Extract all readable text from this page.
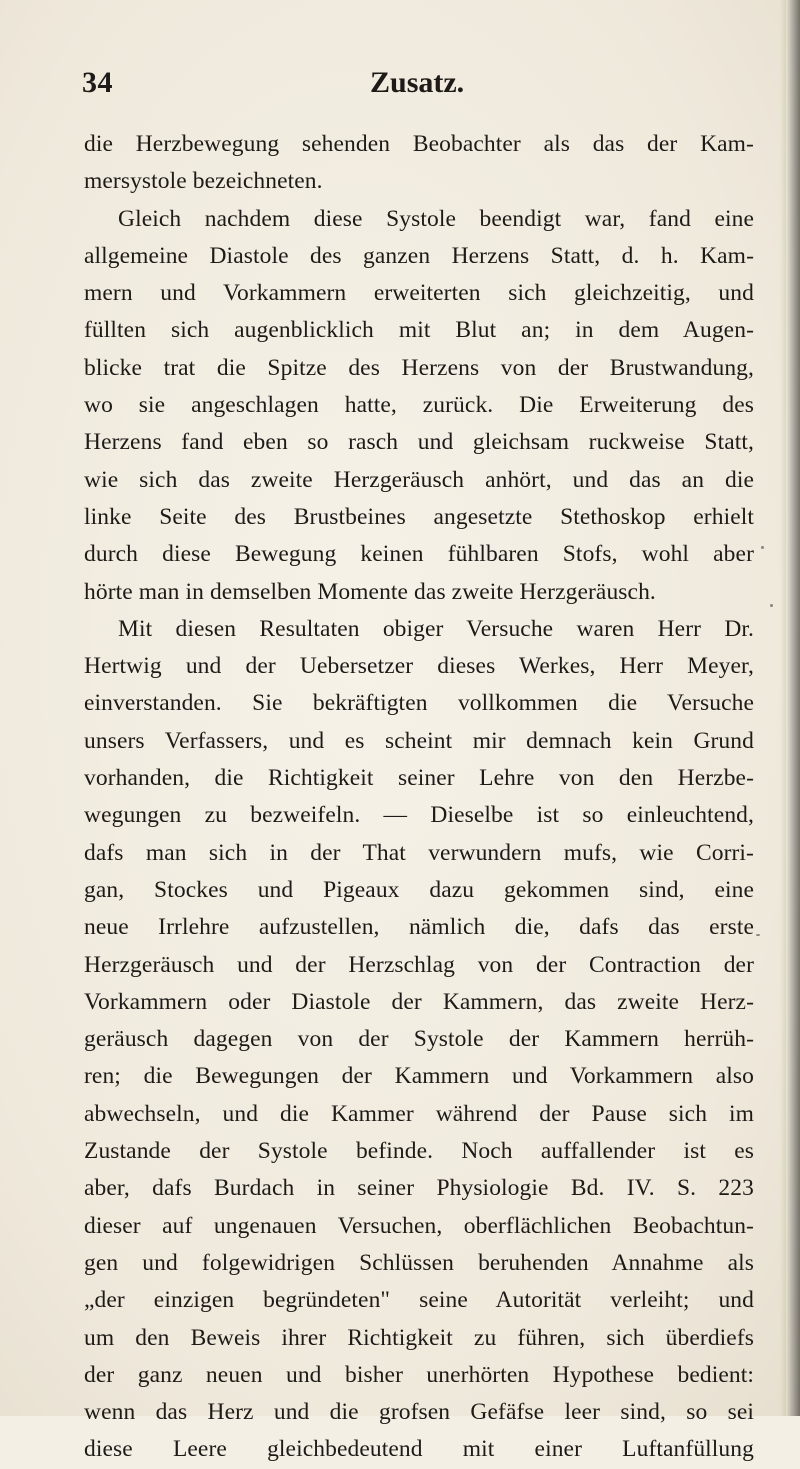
34	Zusatz.
die Herzbewegung sehenden Beobachter als das der Kam-
mersystole bezeichneten.
Gleich nachdem diese Systole beendigt war, fand eine
allgemeine Diastole des ganzen Herzens Statt, d. h. Kam-
mern und Vorkammern erweiterten sich gleichzeitig, und
füllten sich augenblicklich mit Blut an; in dem Augen-
blicke trat die Spitze des Herzens von der Brustwandung,
wo sie angeschlagen hatte, zurück. Die Erweiterung des
Herzens fand eben so rasch und gleichsam ruckweise Statt,
wie sich das zweite Herzgeräusch anhört, und das an die
linke Seite des Brustbeines angesetzte Stethoskop erhielt
durch diese Bewegung keinen fühlbaren Stofs, wohl aber
hörte man in demselben Momente das zweite Herzgeräusch.
Mit diesen Resultaten obiger Versuche waren Herr Dr.
Hertwig und der Uebersetzer dieses Werkes, Herr Meyer,
einverstanden. Sie bekräftigten vollkommen die Versuche
unsers Verfassers, und es scheint mir demnach kein Grund
vorhanden, die Richtigkeit seiner Lehre von den Herzbe-
wegungen zu bezweifeln. — Dieselbe ist so einleuchtend,
dafs man sich in der That verwundern mufs, wie Corri-
gan, Stockes und Pigeaux dazu gekommen sind, eine
neue Irrlehre aufzustellen, nämlich die, dafs das erste
Herzgeräusch und der Herzschlag von der Contraction der
Vorkammern oder Diastole der Kammern, das zweite Herz-
geräusch dagegen von der Systole der Kammern herrüh-
ren; die Bewegungen der Kammern und Vorkammern also
abwechseln, und die Kammer während der Pause sich im
Zustande der Systole befinde. Noch auffallender ist es
aber, dafs Burdach in seiner Physiologie Bd. IV. S. 223
dieser auf ungenauen Versuchen, oberflächlichen Beobachtun-
gen und folgewidrigen Schlüssen beruhenden Annahme als
„der einzigen begründeten" seine Autorität verleiht; und
um den Beweis ihrer Richtigkeit zu führen, sich überdiefs
der ganz neuen und bisher unerhörten Hypothese bedient:
wenn das Herz und die grofsen Gefäfse leer sind, so sei
diese Leere gleichbedeutend mit einer Luftanfüllung
